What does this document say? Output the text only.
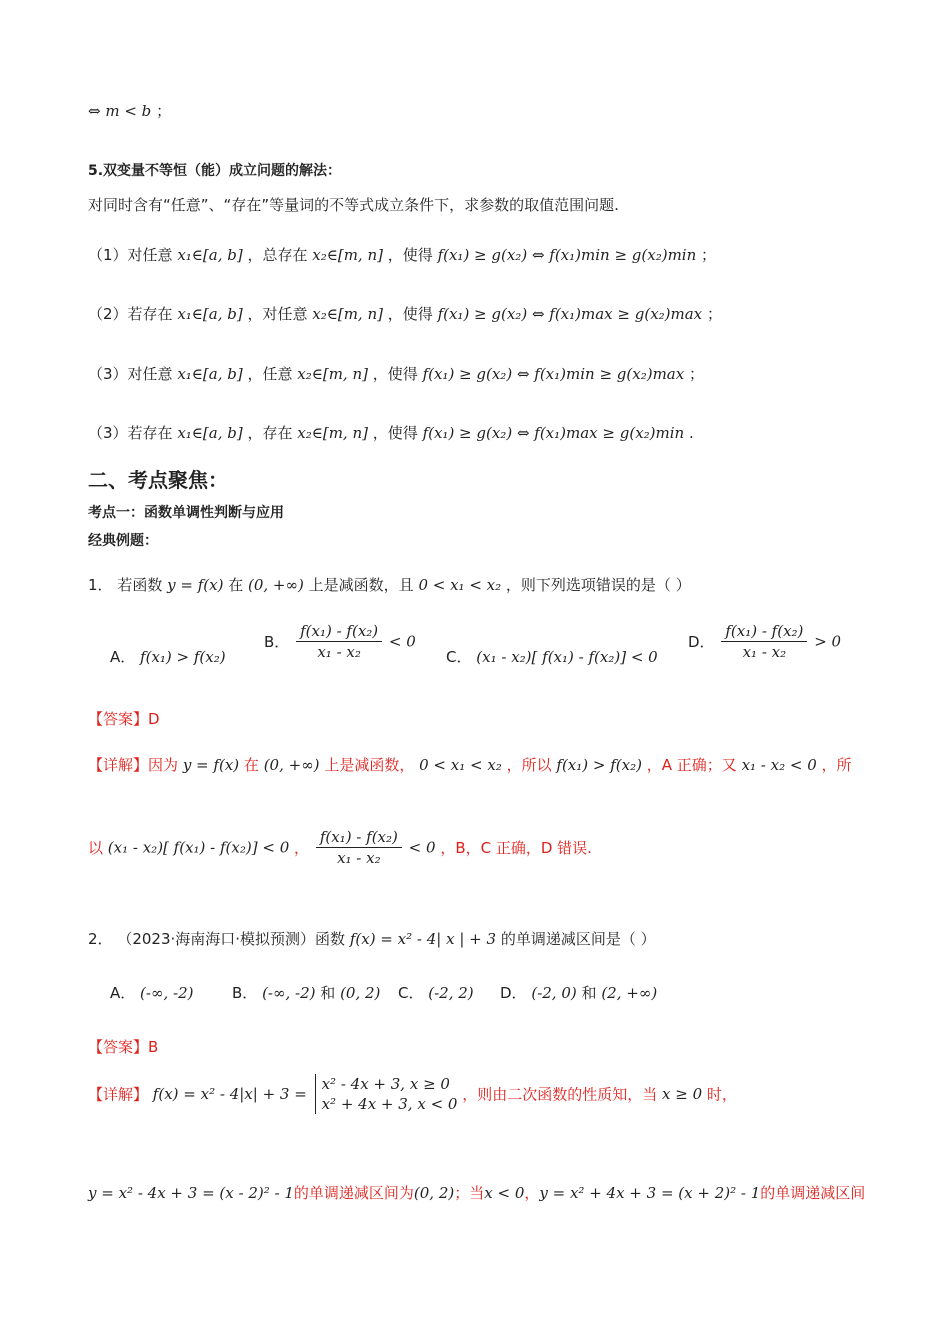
⇔ m < b ；
5.双变量不等恒（能）成立问题的解法：
对同时含有“任意”、“存在”等量词的不等式成立条件下，求参数的取值范围问题.
（1）对任意 x₁∈[a, b] ，总存在 x₂∈[m, n] ，使得 f(x₁) ≥ g(x₂) ⇔ f(x₁)min ≥ g(x₂)min ；
（2）若存在 x₁∈[a, b] ，对任意 x₂∈[m, n] ，使得 f(x₁) ≥ g(x₂) ⇔ f(x₁)max ≥ g(x₂)max ；
（3）对任意 x₁∈[a, b] ，任意 x₂∈[m, n] ，使得 f(x₁) ≥ g(x₂) ⇔ f(x₁)min ≥ g(x₂)max ；
（3）若存在 x₁∈[a, b] ，存在 x₂∈[m, n] ，使得 f(x₁) ≥ g(x₂) ⇔ f(x₁)max ≥ g(x₂)min .
二、考点聚焦：
考点一：函数单调性判断与应用
经典例题：
1． 若函数 y = f(x) 在 (0, +∞) 上是减函数，且 0 < x₁ < x₂ ，则下列选项错误的是（ ）
A． f(x₁) > f(x₂)
B． $\frac{\text{f(x₁) - f(x₂)}}{\text{x₁ - x₂}} < 0$
C． (x₁ - x₂)[ f(x₁) - f(x₂)] < 0
D． $\frac{\text{f(x₁) - f(x₂)}}{\text{x₁ - x₂}} > 0$
【答案】D
【详解】因为 y = f(x) 在 (0, +∞) 上是减函数， 0 < x₁ < x₂ ，所以 f(x₁) > f(x₂) ，A 正确；又 x₁ - x₂ < 0 ，所
以 (x₁ - x₂)[ f(x₁) - f(x₂)] < 0 ， $\frac{\text{f(x₁) - f(x₂)}}{\text{x₁ - x₂}} < 0$ ，B，C 正确，D 错误.
2． （2023·海南海口·模拟预测）函数 f(x) = x² - 4| x | + 3 的单调递减区间是（ ）
A． (-∞, -2)	B． (-∞, -2) 和 (0, 2) C． (-2, 2) D． (-2, 0) 和 (2, +∞)
【答案】B
【详解】 f(x) = x² - 4|x| + 3 =
x² - 4x + 3, x ≥ 0
x² + 4x + 3, x < 0
，则由二次函数的性质知，当 x ≥ 0 时，
y = x² - 4x + 3 = (x - 2)² - 1的单调递减区间为(0, 2)；当x < 0，y = x² + 4x + 3 = (x + 2)² - 1的单调递减区间
